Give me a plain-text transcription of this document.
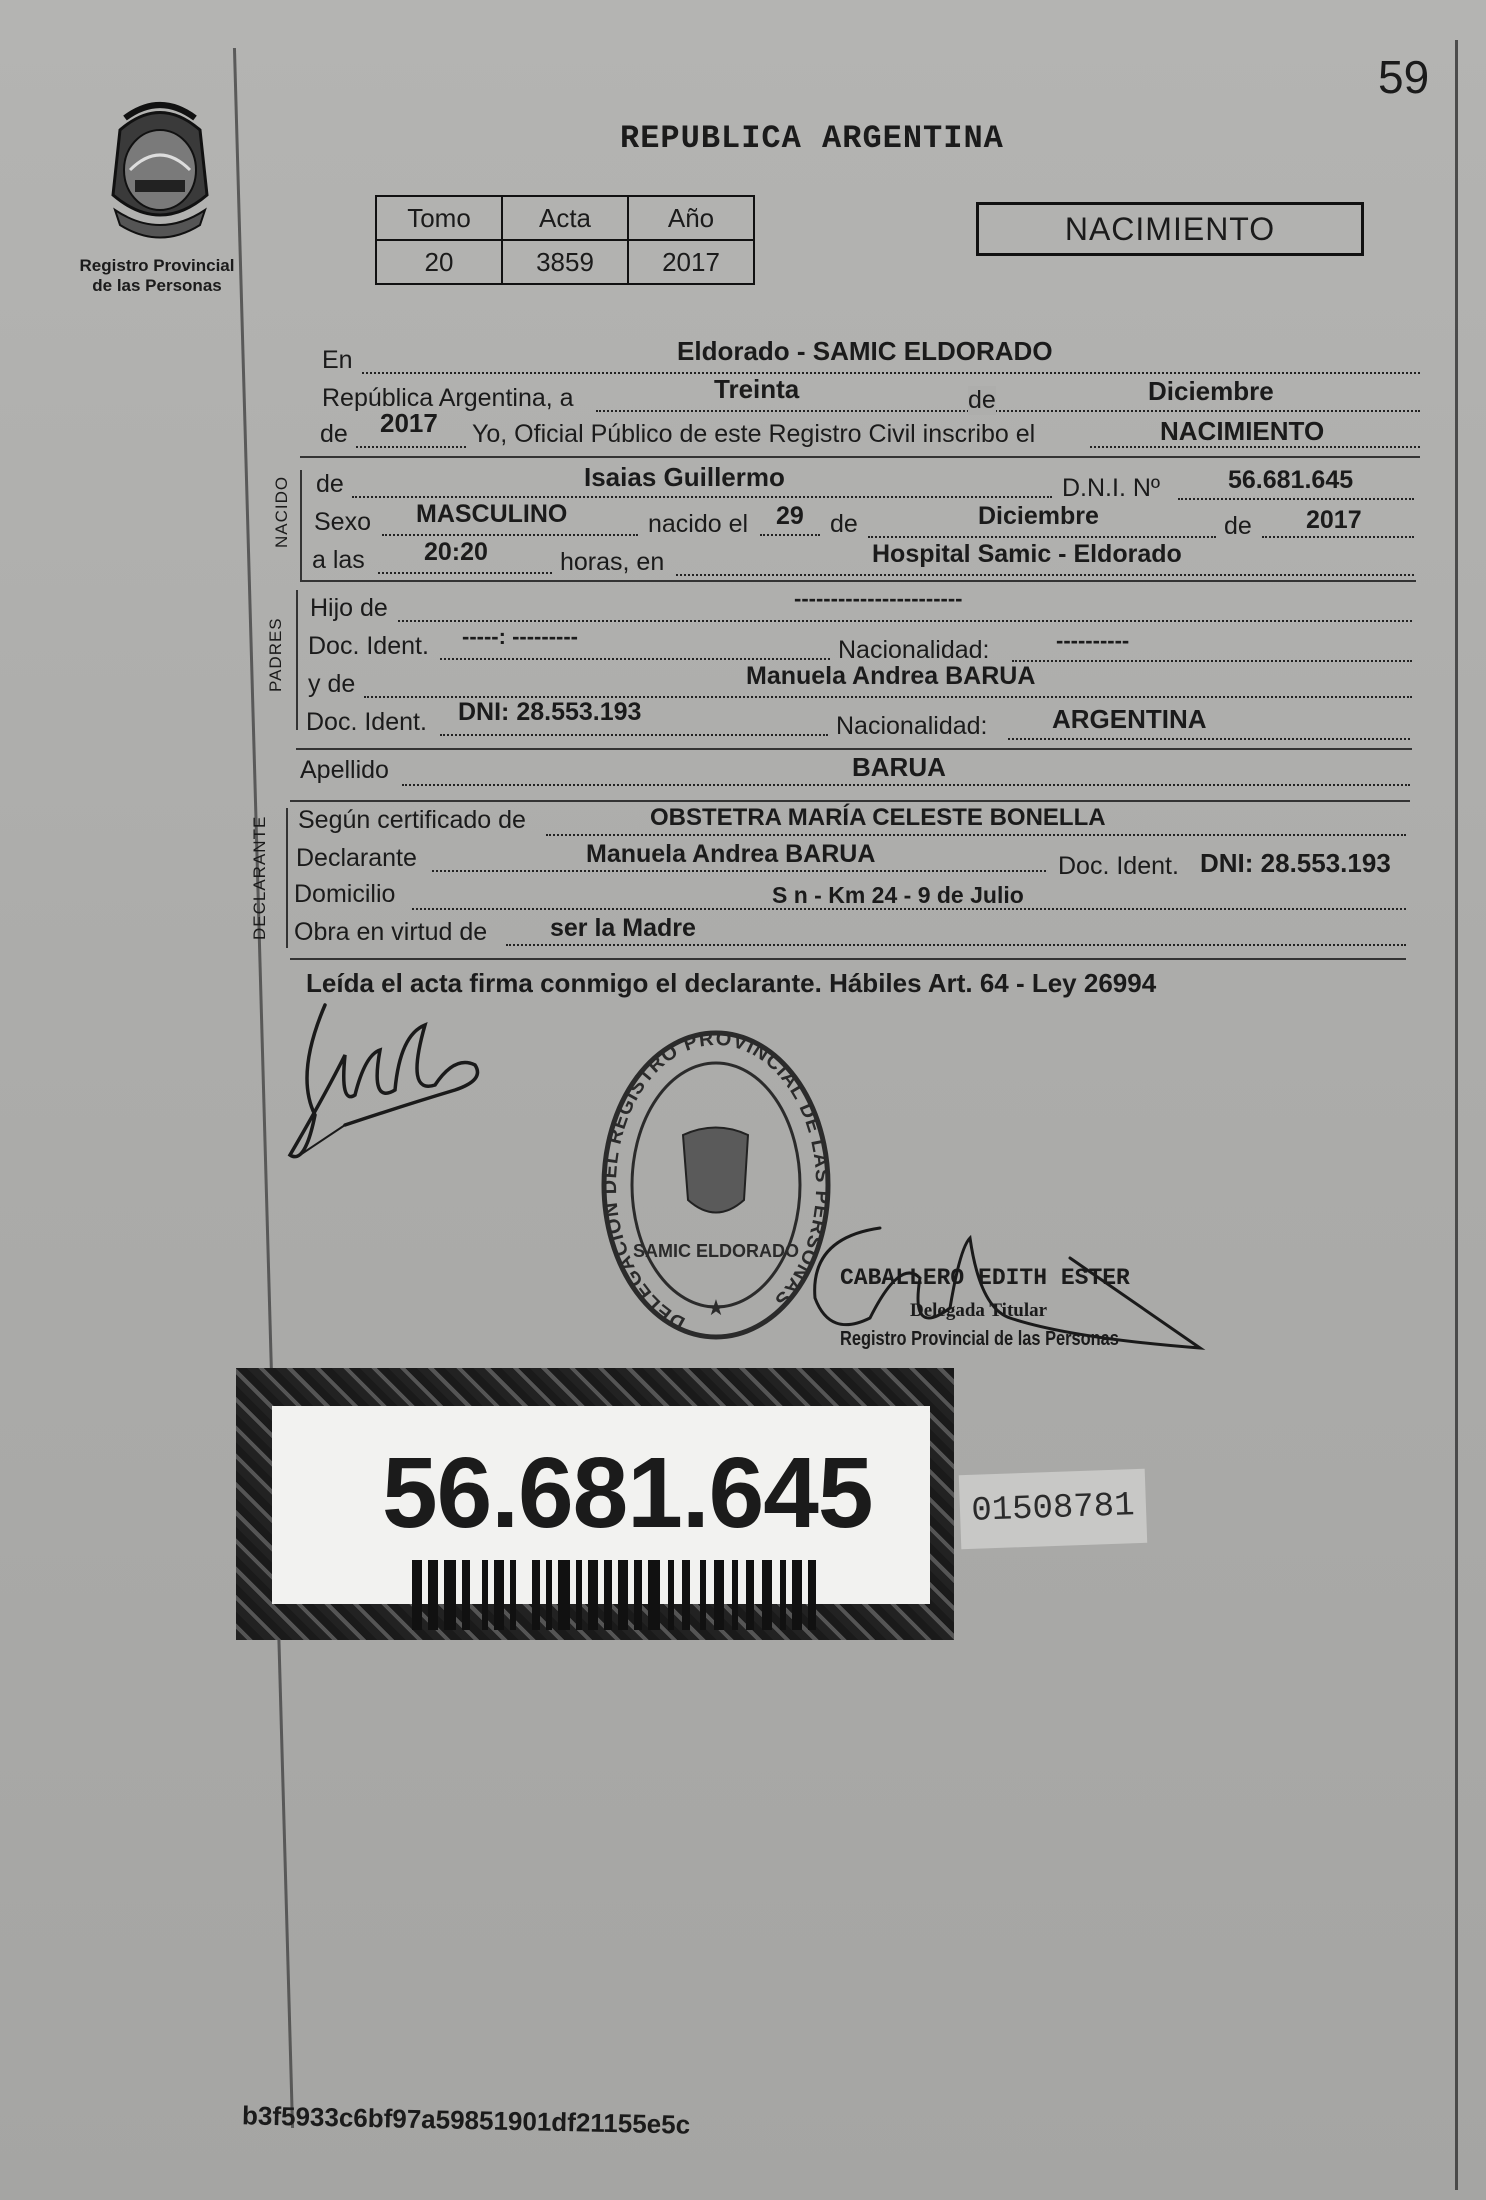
59
Registro Provincial
de las Personas
REPUBLICA ARGENTINA
Tomo	Acta	Año
20	3859	2017
NACIMIENTO
En	Eldorado - SAMIC ELDORADO
República Argentina, a	Treinta	de	Diciembre
de 2017 Yo, Oficial Público de este Registro Civil inscribo el	NACIMIENTO
NACIDO de	Isaias Guillermo	D.N.I. Nº	56.681.645
Sexo MASCULINO	nacido el 29 de	Diciembre	de 2017
a las 20:20	horas, en	Hospital Samic - Eldorado
PADRES
Hijo de	-----------------------
Doc. Ident. -----: ---------	Nacionalidad:	----------
y de	Manuela Andrea BARUA
Doc. Ident. DNI: 28.553.193	Nacionalidad: ARGENTINA
Apellido	BARUA
DECLARANTE Según certificado de	OBSTETRA MARÍA CELESTE BONELLA
Declarante	Manuela Andrea BARUA	Doc. Ident. DNI: 28.553.193
Domicilio	S n - Km 24 - 9 de Julio
Obra en virtud de	ser la Madre
Leída el acta firma conmigo el declarante. Hábiles Art. 64 - Ley 26994
DELEGACION DEL REGISTRO PROVINCIAL DE LAS PERSONAS
SAMIC ELDORADO
★
CABALLERO EDITH ESTER
Delegada Titular
Registro Provincial de las Personas
56.681.645	01508781
b3f5933c6bf97a59851901df21155e5c
